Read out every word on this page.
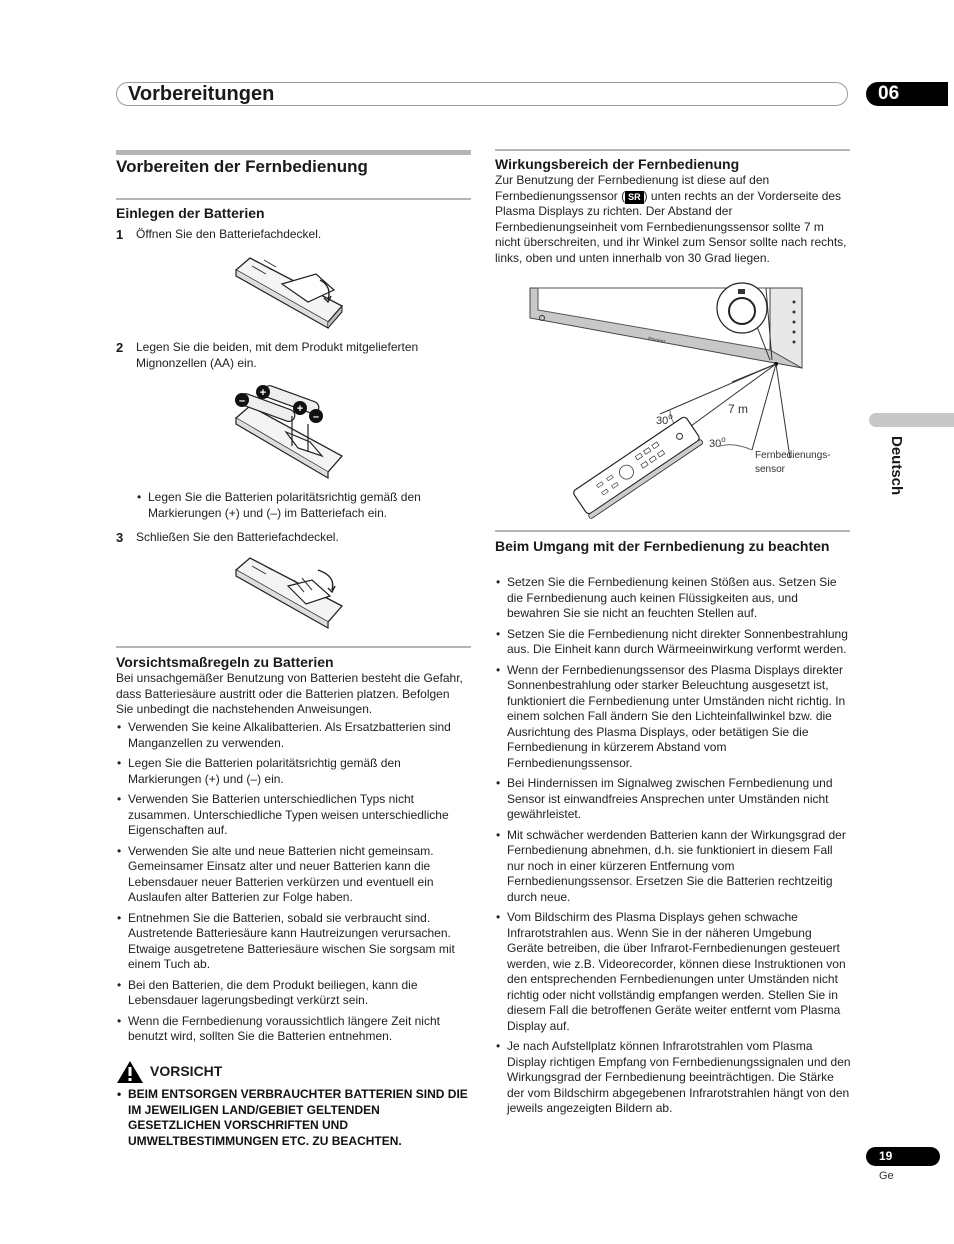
Vorbereitungen	06
Deutsch
Vorbereiten der Fernbedienung
Einlegen der Batterien
1 Öffnen Sie den Batteriefachdeckel.
2 Legen Sie die beiden, mit dem Produkt mitgelieferten Mignonzellen (AA) ein.
–
+
+
–
• Legen Sie die Batterien polaritätsrichtig gemäß den Markierungen (+) und (–) im Batteriefach ein.
3 Schließen Sie den Batteriefachdeckel.
Vorsichtsmaßregeln zu Batterien
Bei unsachgemäßer Benutzung von Batterien besteht die Gefahr, dass Batteriesäure austritt oder die Batterien platzen. Befolgen Sie unbedingt die nachstehenden Anweisungen.
• Verwenden Sie keine Alkalibatterien. Als Ersatzbatterien sind Manganzellen zu verwenden.
• Legen Sie die Batterien polaritätsrichtig gemäß den Markierungen (+) und (–) ein.
• Verwenden Sie Batterien unterschiedlichen Typs nicht zusammen. Unterschiedliche Typen weisen unterschiedliche Eigenschaften auf.
• Verwenden Sie alte und neue Batterien nicht gemeinsam. Gemeinsamer Einsatz alter und neuer Batterien kann die Lebensdauer neuer Batterien verkürzen und eventuell ein Auslaufen alter Batterien zur Folge haben.
• Entnehmen Sie die Batterien, sobald sie verbraucht sind. Austretende Batteriesäure kann Hautreizungen verursachen. Etwaige ausgetretene Batteriesäure wischen Sie sorgsam mit einem Tuch ab.
• Bei den Batterien, die dem Produkt beiliegen, kann die Lebensdauer lagerungsbedingt verkürzt sein.
• Wenn die Fernbedienung voraussichtlich längere Zeit nicht benutzt wird, sollten Sie die Batterien entnehmen.
VORSICHT
• BEIM ENTSORGEN VERBRAUCHTER BATTERIEN SIND DIE IM JEWEILIGEN LAND/GEBIET GELTENDEN GESETZLICHEN VORSCHRIFTEN UND UMWELTBESTIMMUNGEN ETC. ZU BEACHTEN.
Wirkungsbereich der Fernbedienung
Zur Benutzung der Fernbedienung ist diese auf den Fernbedienungssensor ( SR ) unten rechts an der Vorderseite des Plasma Displays zu richten. Der Abstand der Fernbedienungseinheit vom Fernbedienungssensor sollte 7 m nicht überschreiten, und ihr Winkel zum Sensor sollte nach rechts, links, oben und unten innerhalb von 30 Grad liegen.
Pioneer
7 m
30$^o$
30$^o$
Fernbedienungs-
sensor
Beim Umgang mit der Fernbedienung zu beachten
• Setzen Sie die Fernbedienung keinen Stößen aus. Setzen Sie die Fernbedienung auch keinen Flüssigkeiten aus, und bewahren Sie sie nicht an feuchten Stellen auf.
• Setzen Sie die Fernbedienung nicht direkter Sonnenbestrahlung aus. Die Einheit kann durch Wärmeeinwirkung verformt werden.
• Wenn der Fernbedienungssensor des Plasma Displays direkter Sonnenbestrahlung oder starker Beleuchtung ausgesetzt ist, funktioniert die Fernbedienung unter Umständen nicht richtig. In einem solchen Fall ändern Sie den Lichteinfallwinkel bzw. die Ausrichtung des Plasma Displays, oder betätigen Sie die Fernbedienung in kürzerem Abstand vom Fernbedienungssensor.
• Bei Hindernissen im Signalweg zwischen Fernbedienung und Sensor ist einwandfreies Ansprechen unter Umständen nicht gewährleistet.
• Mit schwächer werdenden Batterien kann der Wirkungsgrad der Fernbedienung abnehmen, d.h. sie funktioniert in diesem Fall nur noch in einer kürzeren Entfernung vom Fernbedienungssensor. Ersetzen Sie die Batterien rechtzeitig durch neue.
• Vom Bildschirm des Plasma Displays gehen schwache Infrarotstrahlen aus. Wenn Sie in der näheren Umgebung Geräte betreiben, die über Infrarot-Fernbedienungen gesteuert werden, wie z.B. Videorecorder, können diese Instruktionen von den entsprechenden Fernbedienungen unter Umständen nicht richtig oder nicht vollständig empfangen werden. Stellen Sie in diesem Fall die betroffenen Geräte weiter entfernt vom Plasma Display auf.
• Je nach Aufstellplatz können Infrarotstrahlen vom Plasma Display richtigen Empfang von Fernbedienungssignalen und den Wirkungsgrad der Fernbedienung beeinträchtigen. Die Stärke der vom Bildschirm abgegebenen Infrarotstrahlen hängt von den jeweils angezeigten Bildern ab.
19
Ge
